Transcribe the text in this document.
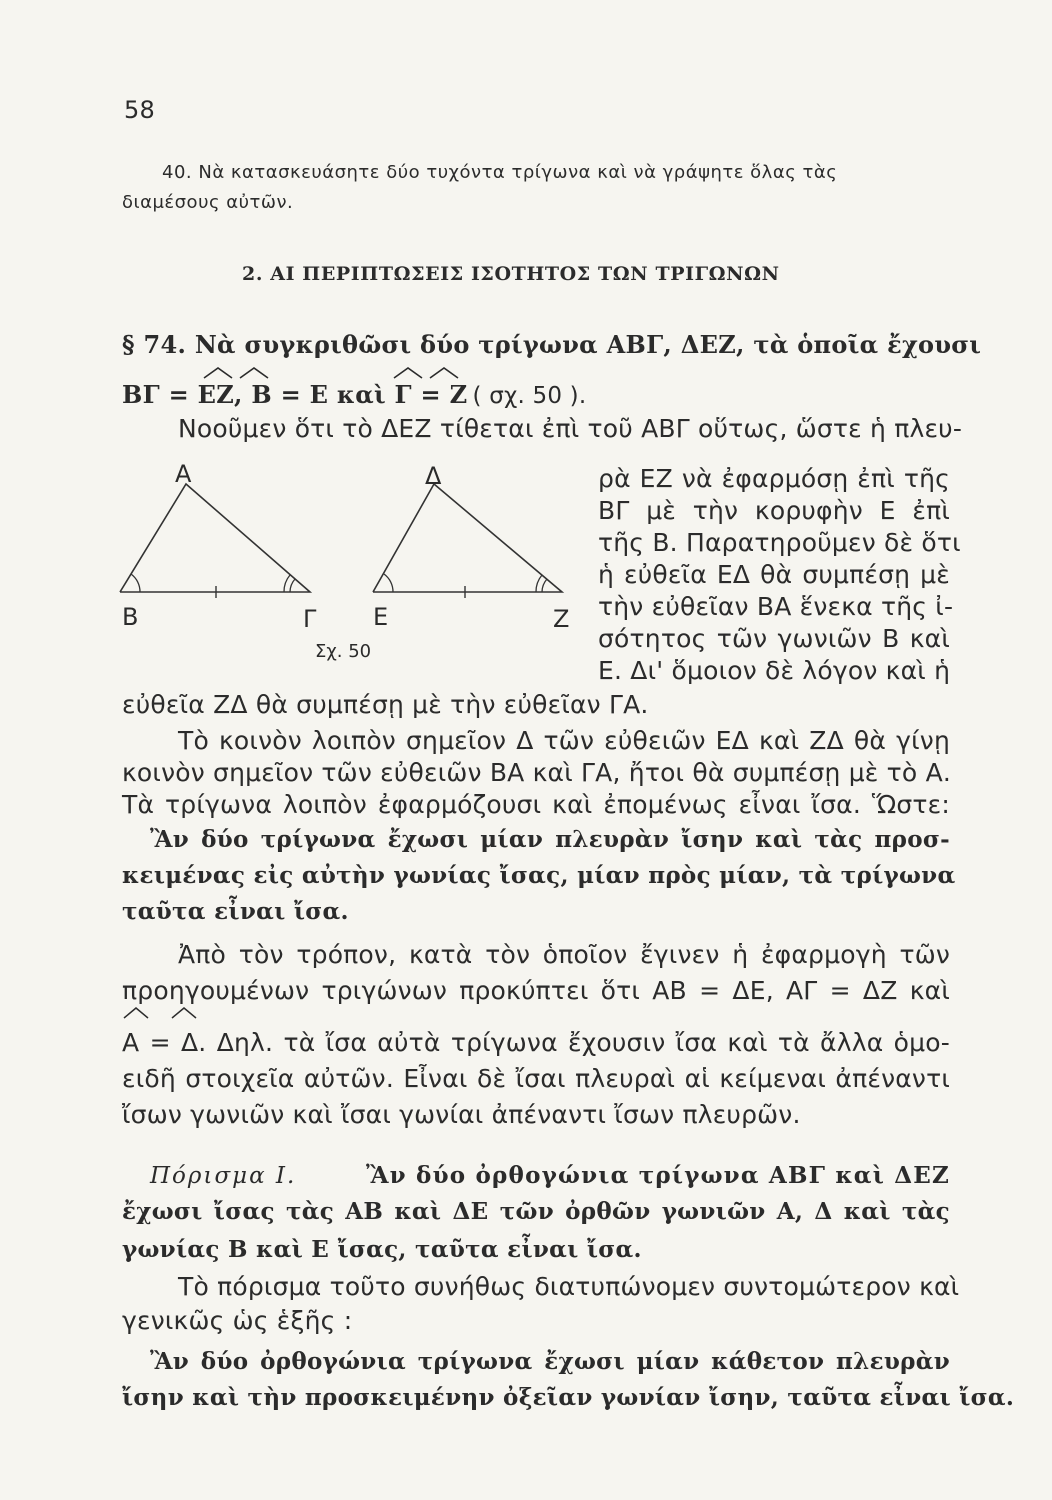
58
40. Νὰ κατασκευάσητε δύο τυχόντα τρίγωνα καὶ νὰ γράψητε ὅλας τὰς
διαμέσους αὐτῶν.
2. ΑΙ ΠΕΡΙΠΤΩΣΕΙΣ ΙΣΟΤΗΤΟΣ ΤΩΝ ΤΡΙΓΩΝΩΝ
§ 74. Νὰ συγκριθῶσι δύο τρίγωνα ΑΒΓ, ΔΕΖ, τὰ ὁποῖα ἔχουσι
ΒΓ = ΕΖ, Β = Ε καὶ Γ = Ζ ( σχ. 50 ).
Νοοῦμεν ὅτι τὸ ΔΕΖ τίθεται ἐπὶ τοῦ ΑΒΓ οὕτως, ὥστε ἡ πλευ-
Α
Β	Γ
Δ
Ε	Ζ
Σχ. 50
ρὰ ΕΖ νὰ ἐφαρμόσῃ ἐπὶ τῆς
ΒΓ μὲ τὴν κορυφὴν Ε ἐπὶ
τῆς Β. Παρατηροῦμεν δὲ ὅτι
ἡ εὐθεῖα ΕΔ θὰ συμπέσῃ μὲ
τὴν εὐθεῖαν ΒΑ ἕνεκα τῆς ἰ-
σότητος τῶν γωνιῶν Β καὶ
Ε. Δι' ὅμοιον δὲ λόγον καὶ ἡ
εὐθεῖα ΖΔ θὰ συμπέσῃ μὲ τὴν εὐθεῖαν ΓΑ.
Τὸ κοινὸν λοιπὸν σημεῖον Δ τῶν εὐθειῶν ΕΔ καὶ ΖΔ θὰ γίνῃ
κοινὸν σημεῖον τῶν εὐθειῶν ΒΑ καὶ ΓΑ, ἤτοι θὰ συμπέσῃ μὲ τὸ Α.
Τὰ τρίγωνα λοιπὸν ἐφαρμόζουσι καὶ ἐπομένως εἶναι ἴσα. Ὥστε:
Ἂν δύο τρίγωνα ἔχωσι μίαν πλευρὰν ἴσην καὶ τὰς προσ-
κειμένας εἰς αὐτὴν γωνίας ἴσας, μίαν πρὸς μίαν, τὰ τρίγωνα
ταῦτα εἶναι ἴσα.
Ἀπὸ τὸν τρόπον, κατὰ τὸν ὁποῖον ἔγινεν ἡ ἐφαρμογὴ τῶν
προηγουμένων τριγώνων προκύπτει ὅτι ΑΒ = ΔΕ, ΑΓ = ΔΖ καὶ
Α = Δ. Δηλ. τὰ ἴσα αὐτὰ τρίγωνα ἔχουσιν ἴσα καὶ τὰ ἄλλα ὁμο-
ειδῆ στοιχεῖα αὐτῶν. Εἶναι δὲ ἴσαι πλευραὶ αἱ κείμεναι ἀπέναντι
ἴσων γωνιῶν καὶ ἴσαι γωνίαι ἀπέναντι ἴσων πλευρῶν.
Πόρισμα Ι.	Ἂν δύο ὀρθογώνια τρίγωνα ΑΒΓ καὶ ΔΕΖ
ἔχωσι ἴσας τὰς ΑΒ καὶ ΔΕ τῶν ὀρθῶν γωνιῶν Α, Δ καὶ τὰς
γωνίας Β καὶ Ε ἴσας, ταῦτα εἶναι ἴσα.
Τὸ πόρισμα τοῦτο συνήθως διατυπώνομεν συντομώτερον καὶ
γενικῶς ὡς ἑξῆς :
Ἂν δύο ὀρθογώνια τρίγωνα ἔχωσι μίαν κάθετον πλευρὰν
ἴσην καὶ τὴν προσκειμένην ὀξεῖαν γωνίαν ἴσην, ταῦτα εἶναι ἴσα.
